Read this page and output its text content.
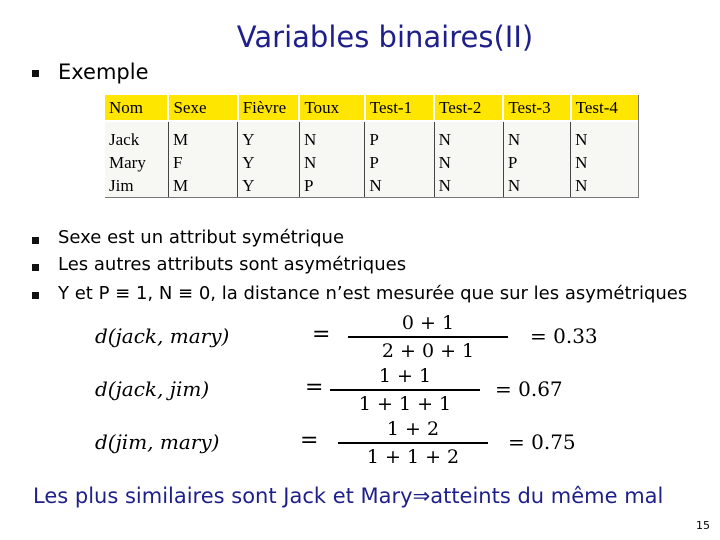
Variables binaires(II)
Exemple
Nom	Sexe	Fièvre	Toux	Test-1	Test-2	Test-3	Test-4
Jack	M	Y	N	P	N	N	N
Mary	F	Y	N	P	N	P	N
Jim	M	Y	P	N	N	N	N
Sexe est un attribut symétrique
Les autres attributs sont asymétriques
Y et P ≡ 1, N ≡ 0, la distance n’est mesurée que sur les asymétriques
d(jack, mary)	=	0 + 1
2 + 0 + 1
= 0.33
d(jack, jim)	=	1 + 1
1 + 1 + 1
= 0.67
d(jim, mary)	=	1 + 2
1 + 1 + 2
= 0.75
Les plus similaires sont Jack et Mary⇒atteints du même mal
15
